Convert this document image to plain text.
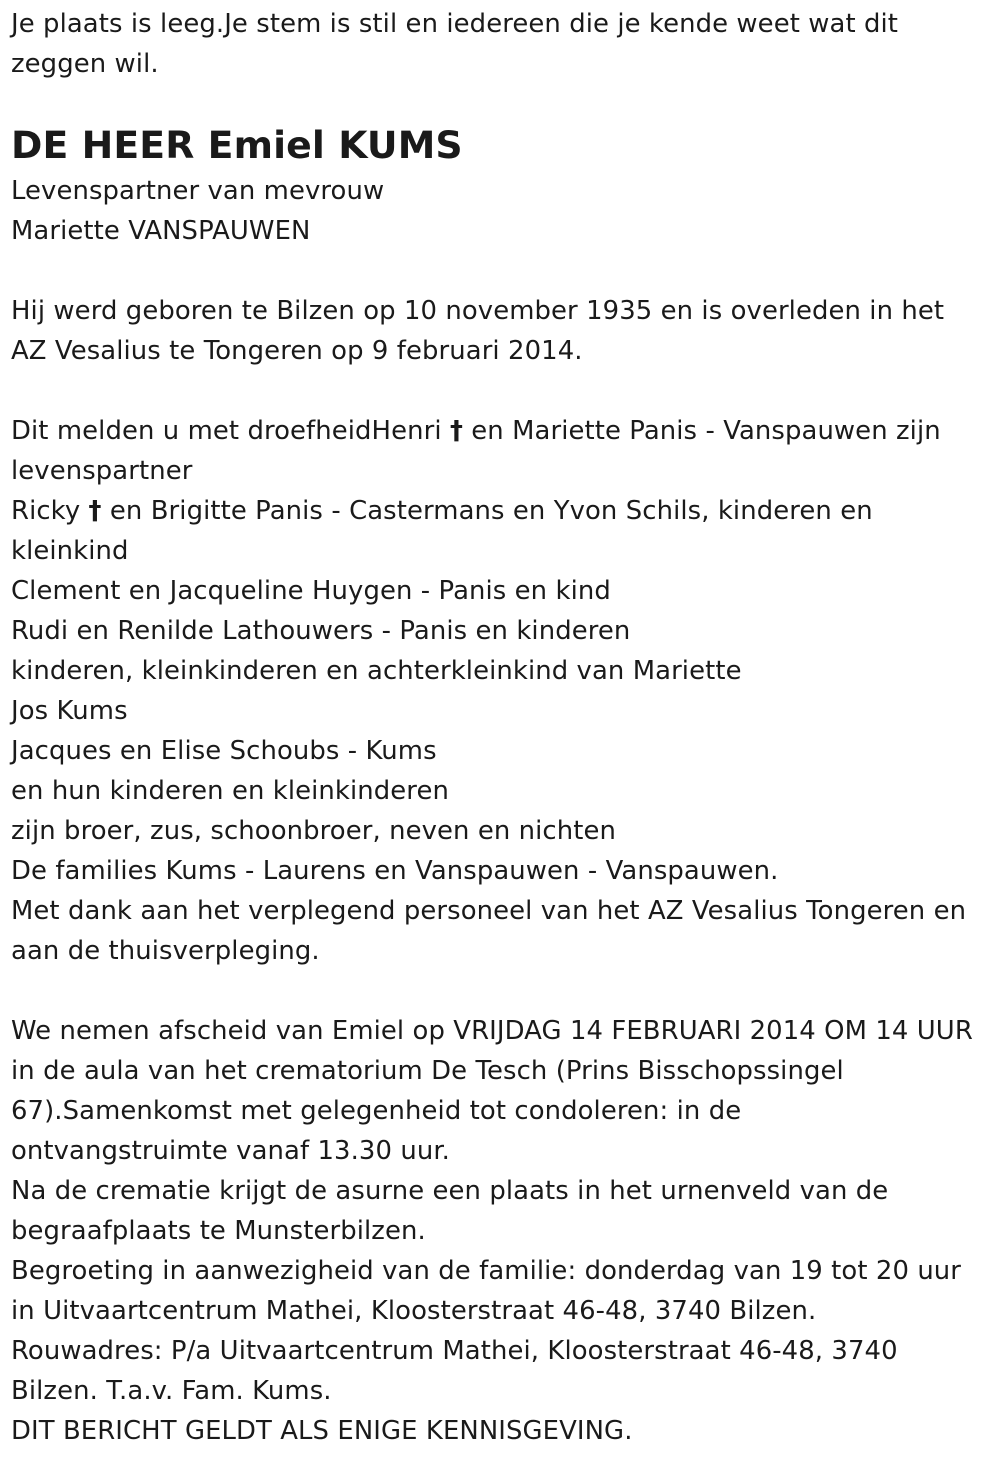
Je plaats is leeg.Je stem is stil en iedereen die je kende weet wat dit
zeggen wil.
DE HEER Emiel KUMS
Levenspartner van mevrouw
Mariette VANSPAUWEN
Hij werd geboren te Bilzen op 10 november 1935 en is overleden in het
AZ Vesalius te Tongeren op 9 februari 2014.
Dit melden u met droefheidHenri † en Mariette Panis - Vanspauwen zijn
levenspartner
Ricky † en Brigitte Panis - Castermans en Yvon Schils, kinderen en
kleinkind
Clement en Jacqueline Huygen - Panis en kind
Rudi en Renilde Lathouwers - Panis en kinderen
kinderen, kleinkinderen en achterkleinkind van Mariette
Jos Kums
Jacques en Elise Schoubs - Kums
en hun kinderen en kleinkinderen
zijn broer, zus, schoonbroer, neven en nichten
De families Kums - Laurens en Vanspauwen - Vanspauwen.
Met dank aan het verplegend personeel van het AZ Vesalius Tongeren en
aan de thuisverpleging.
We nemen afscheid van Emiel op VRIJDAG 14 FEBRUARI 2014 OM 14 UUR
in de aula van het crematorium De Tesch (Prins Bisschopssingel
67).Samenkomst met gelegenheid tot condoleren: in de
ontvangstruimte vanaf 13.30 uur.
Na de crematie krijgt de asurne een plaats in het urnenveld van de
begraafplaats te Munsterbilzen.
Begroeting in aanwezigheid van de familie: donderdag van 19 tot 20 uur
in Uitvaartcentrum Mathei, Kloosterstraat 46-48, 3740 Bilzen.
Rouwadres: P/a Uitvaartcentrum Mathei, Kloosterstraat 46-48, 3740
Bilzen. T.a.v. Fam. Kums.
DIT BERICHT GELDT ALS ENIGE KENNISGEVING.
